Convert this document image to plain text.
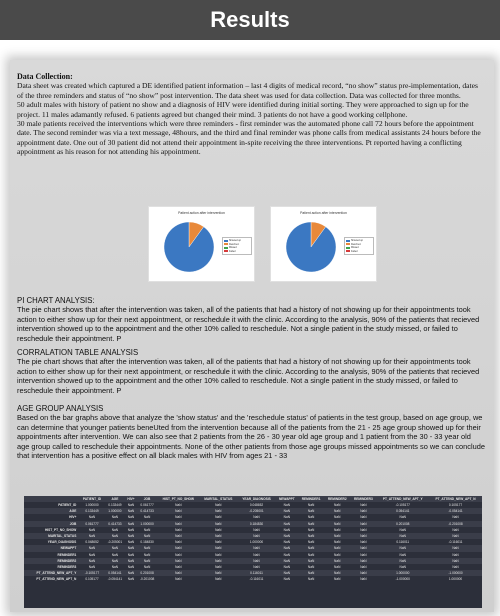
Results

Data Collection:

Data sheet was created which captured a DE identified patient information – last 4 digits of medical record, “no show” status pre-implementation, dates of the three reminders and status of “no show” post intervention. The data sheet was used for data collection. Data was collected for three months.

50 adult males with history of patient no show and a diagnosis of HIV were identified during initial sorting. They were approached to sign up for the project. 11 males adamantly refused. 6 patients agreed but changed their mind. 3 patients do not have a good working cellphone.

30 male patients received the interventions which were three reminders - first reminder was the automated phone call 72 hours before the appointment date. The second reminder was via a text message, 48hours, and the third and final reminder was phone calls from medical assistants 24 hours before the appointment date. One out of 30 patient did not attend their appointment in-spite receiving the three interventions. Pt reported having a conflicting appointment as his reason for not attending his appointment.

Patient action after intervention
Showed up
Resched.
Missed
Failed
Patient action after intervention
Showed up
Resched.
Missed
Failed

PI CHART ANALYSIS:

The pie chart shows that after the intervention was taken, all of the patients that had a history of not showing up for their appointments took action to either show up for their next appointment, or reschedule it with the clinic. According to the analysis, 90% of the patients that recieved intervention showed up to the appointment and the other 10% called to reschedule. Not a single patient in the study missed, or failed to reschedule their appointment. P

CORRALATION TABLE ANALYSIS

The pie chart shows that after the intervention was taken, all of the patients that had a history of not showing up for their appointments took action to either show up for their next appointment, or reschedule it with the clinic. According to the analysis, 90% of the patients that recieved intervention showed up to the appointment and the other 10% called to reschedule. Not a single patient in the study missed, or failed to reschedule their appointment. P

AGE GROUP ANALYSIS

Based on the bar graphs above that analyze the 'show status' and the 'reschedule status' of patients in the test group, based on age group, we can determine that younger patients beneUted from the intervention because all of the patients from the 21 - 25 age group showed up for their appointments after intervention. We can also see that 2 patients from the 26 - 30 year old age group and 1 patient from the 30 - 33 year old age group called to reschedule their appointments. None of the other patients from those age groups missed appointments so we can conclude that intervention has a positive effect on all black males with HIV from ages 21 - 33

	PATIENT_ID	AGE	HIV+	JOB	HIST_PT_NO_SHOW	MARITAL_STATUS	YEAR_DIAGNOSIS	NEWAPPT	REMINDER1	REMINDER2	REMINDER3	PT_ATTEND_NEW_APT_Y	PT_ATTEND_NEW_APT_N
PATIENT_ID	1.000000	0.133449	NaN	0.061777	NaN	NaN	0.048652	NaN	NaN	NaN	NaN	-0.105177	0.105177
AGE	0.133449	1.000000	NaN	0.414733	NaN	NaN	-0.205001	NaN	NaN	NaN	NaN	0.054141	-0.054141
HIV+	NaN	NaN	NaN	NaN	NaN	NaN	NaN	NaN	NaN	NaN	NaN	NaN	NaN
JOB	0.061777	0.414733	NaN	1.000000	NaN	NaN	0.184830	NaN	NaN	NaN	NaN	0.201008	-0.201008
HIST_PT_NO_SHOW	NaN	NaN	NaN	NaN	NaN	NaN	NaN	NaN	NaN	NaN	NaN	NaN	NaN
MARITAL_STATUS	NaN	NaN	NaN	NaN	NaN	NaN	NaN	NaN	NaN	NaN	NaN	NaN	NaN
YEAR_DIAGNOSIS	0.048652	-0.205001	NaN	0.184830	NaN	NaN	1.000000	NaN	NaN	NaN	NaN	0.116011	-0.116011
NEWAPPT	NaN	NaN	NaN	NaN	NaN	NaN	NaN	NaN	NaN	NaN	NaN	NaN	NaN
REMINDER1	NaN	NaN	NaN	NaN	NaN	NaN	NaN	NaN	NaN	NaN	NaN	NaN	NaN
REMINDER2	NaN	NaN	NaN	NaN	NaN	NaN	NaN	NaN	NaN	NaN	NaN	NaN	NaN
REMINDER3	NaN	NaN	NaN	NaN	NaN	NaN	NaN	NaN	NaN	NaN	NaN	NaN	NaN
PT_ATTEND_NEW_APT_Y	-0.105177	0.054141	NaN	0.201008	NaN	NaN	0.116011	NaN	NaN	NaN	NaN	1.000000	-1.000000
PT_ATTEND_NEW_APT_N	0.105177	-0.054141	NaN	-0.201008	NaN	NaN	-0.116011	NaN	NaN	NaN	NaN	-1.000000	1.000000
